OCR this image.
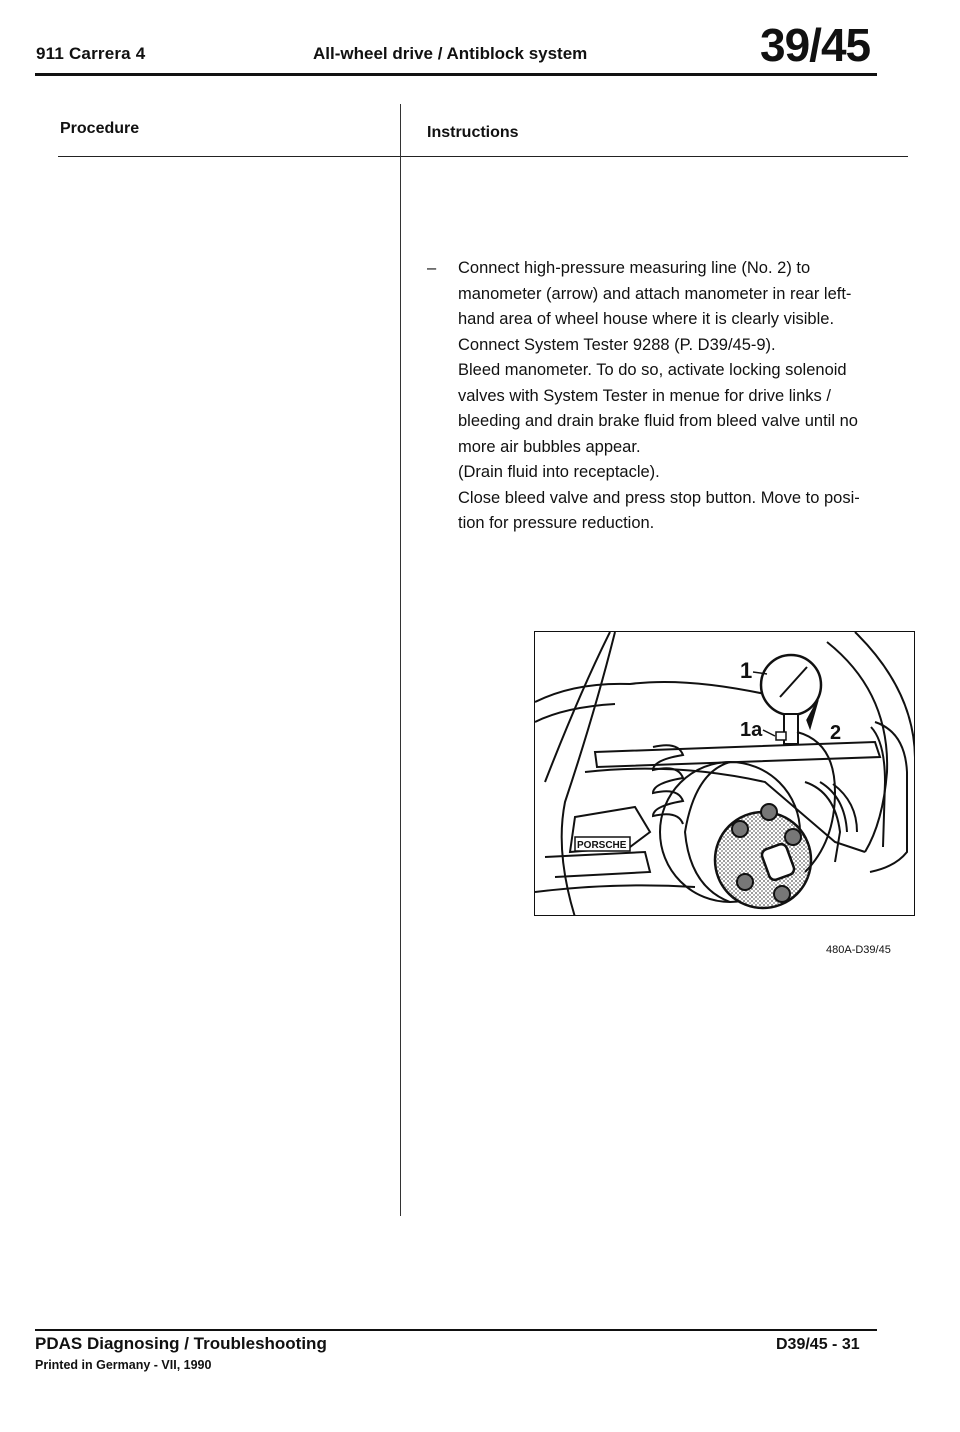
911 Carrera 4	All-wheel drive / Antiblock system	39/45
Procedure	Instructions
– Connect high-pressure measuring line (No. 2) to
manometer (arrow) and attach manometer in rear left-
hand area of wheel house where it is clearly visible.
Connect System Tester 9288 (P. D39/45-9).
Bleed manometer. To do so, activate locking solenoid
valves with System Tester in menue for drive links /
bleeding and drain brake fluid from bleed valve until no
more air bubbles appear.
(Drain fluid into receptacle).
Close bleed valve and press stop button. Move to posi-
tion for pressure reduction.
PORSCHE
1
1a	2
480A-D39/45
PDAS Diagnosing / Troubleshooting
Printed in Germany - VII, 1990
D39/45 - 31
